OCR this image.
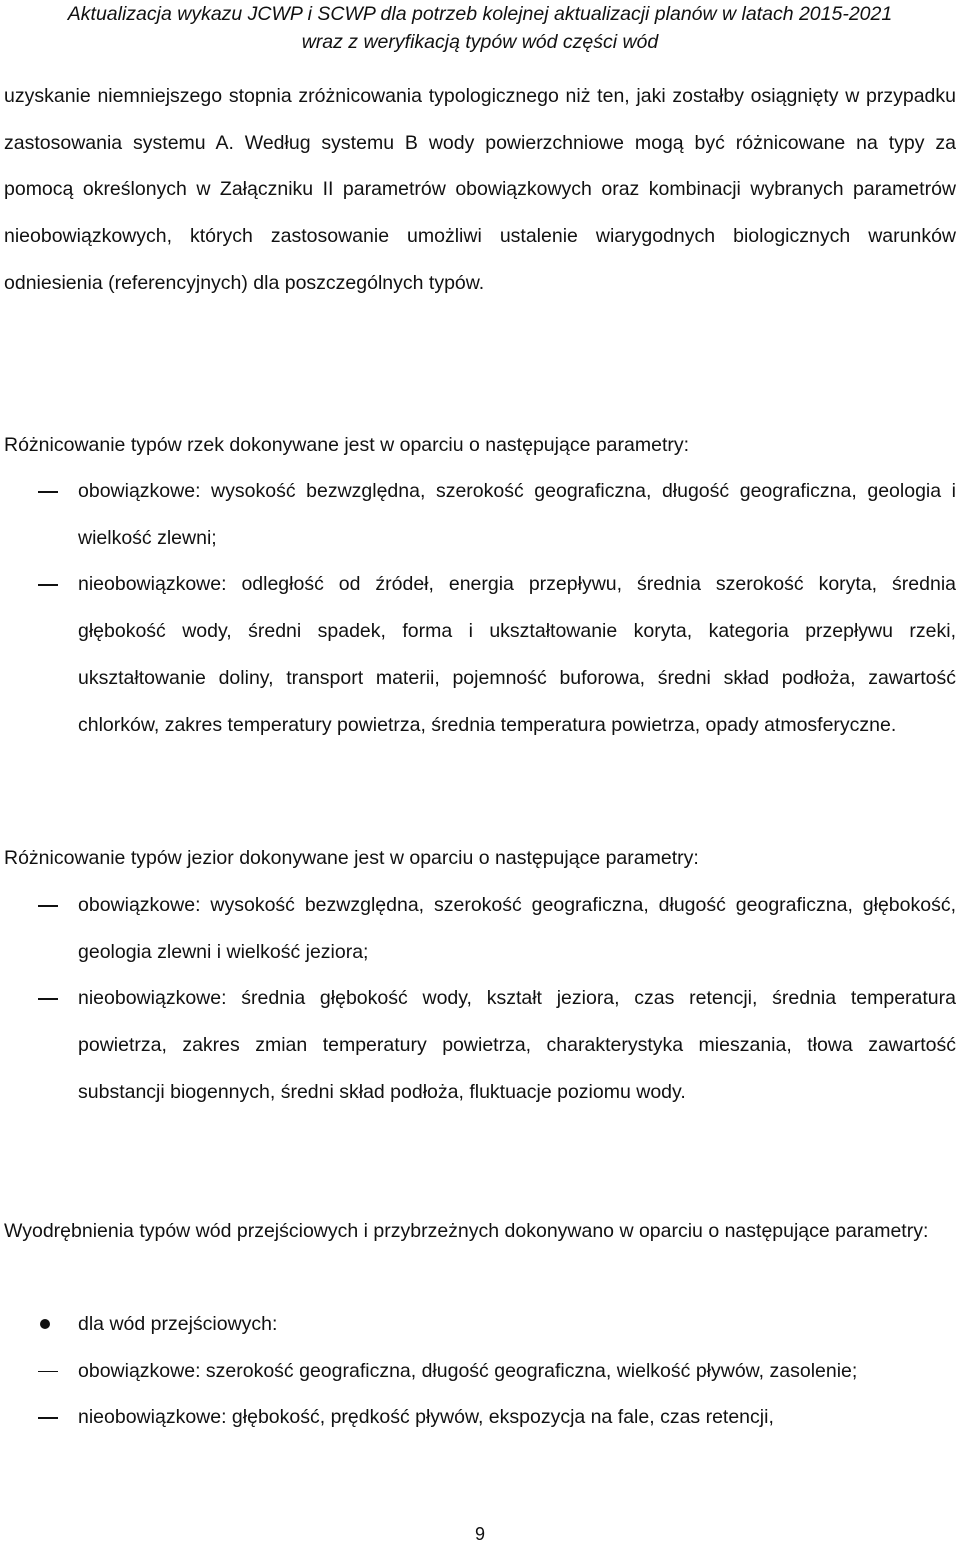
Aktualizacja wykazu JCWP i SCWP dla potrzeb kolejnej aktualizacji planów w latach 2015-2021
wraz z weryfikacją typów wód części wód

uzyskanie niemniejszego stopnia zróżnicowania typologicznego niż ten, jaki zostałby osiągnięty w przypadku zastosowania systemu A. Według systemu B wody powierzchniowe mogą być różnicowane na typy za pomocą określonych w Załączniku II parametrów obowiązkowych oraz kombinacji wybranych parametrów nieobowiązkowych, których zastosowanie umożliwi ustalenie wiarygodnych biologicznych warunków odniesienia (referencyjnych) dla poszczególnych typów.

Różnicowanie typów rzek dokonywane jest w oparciu o następujące parametry:

obowiązkowe: wysokość bezwzględna, szerokość geograficzna, długość geograficzna, geologia i wielkość zlewni;
nieobowiązkowe: odległość od źródeł, energia przepływu, średnia szerokość koryta, średnia głębokość wody, średni spadek, forma i ukształtowanie koryta, kategoria przepływu rzeki, ukształtowanie doliny, transport materii, pojemność buforowa, średni skład podłoża, zawartość chlorków, zakres temperatury powietrza, średnia temperatura powietrza, opady atmosferyczne.

Różnicowanie typów jezior dokonywane jest w oparciu o następujące parametry:

obowiązkowe: wysokość bezwzględna, szerokość geograficzna, długość geograficzna, głębokość, geologia zlewni i wielkość jeziora;
nieobowiązkowe: średnia głębokość wody, kształt jeziora, czas retencji, średnia temperatura powietrza, zakres zmian temperatury powietrza, charakterystyka mieszania, tłowa zawartość substancji biogennych, średni skład podłoża, fluktuacje poziomu wody.

Wyodrębnienia typów wód przejściowych i przybrzeżnych dokonywano w oparciu o następujące parametry:

dla wód przejściowych:
obowiązkowe: szerokość geograficzna, długość geograficzna, wielkość pływów, zasolenie;
nieobowiązkowe: głębokość, prędkość pływów, ekspozycja na fale, czas retencji,
9
